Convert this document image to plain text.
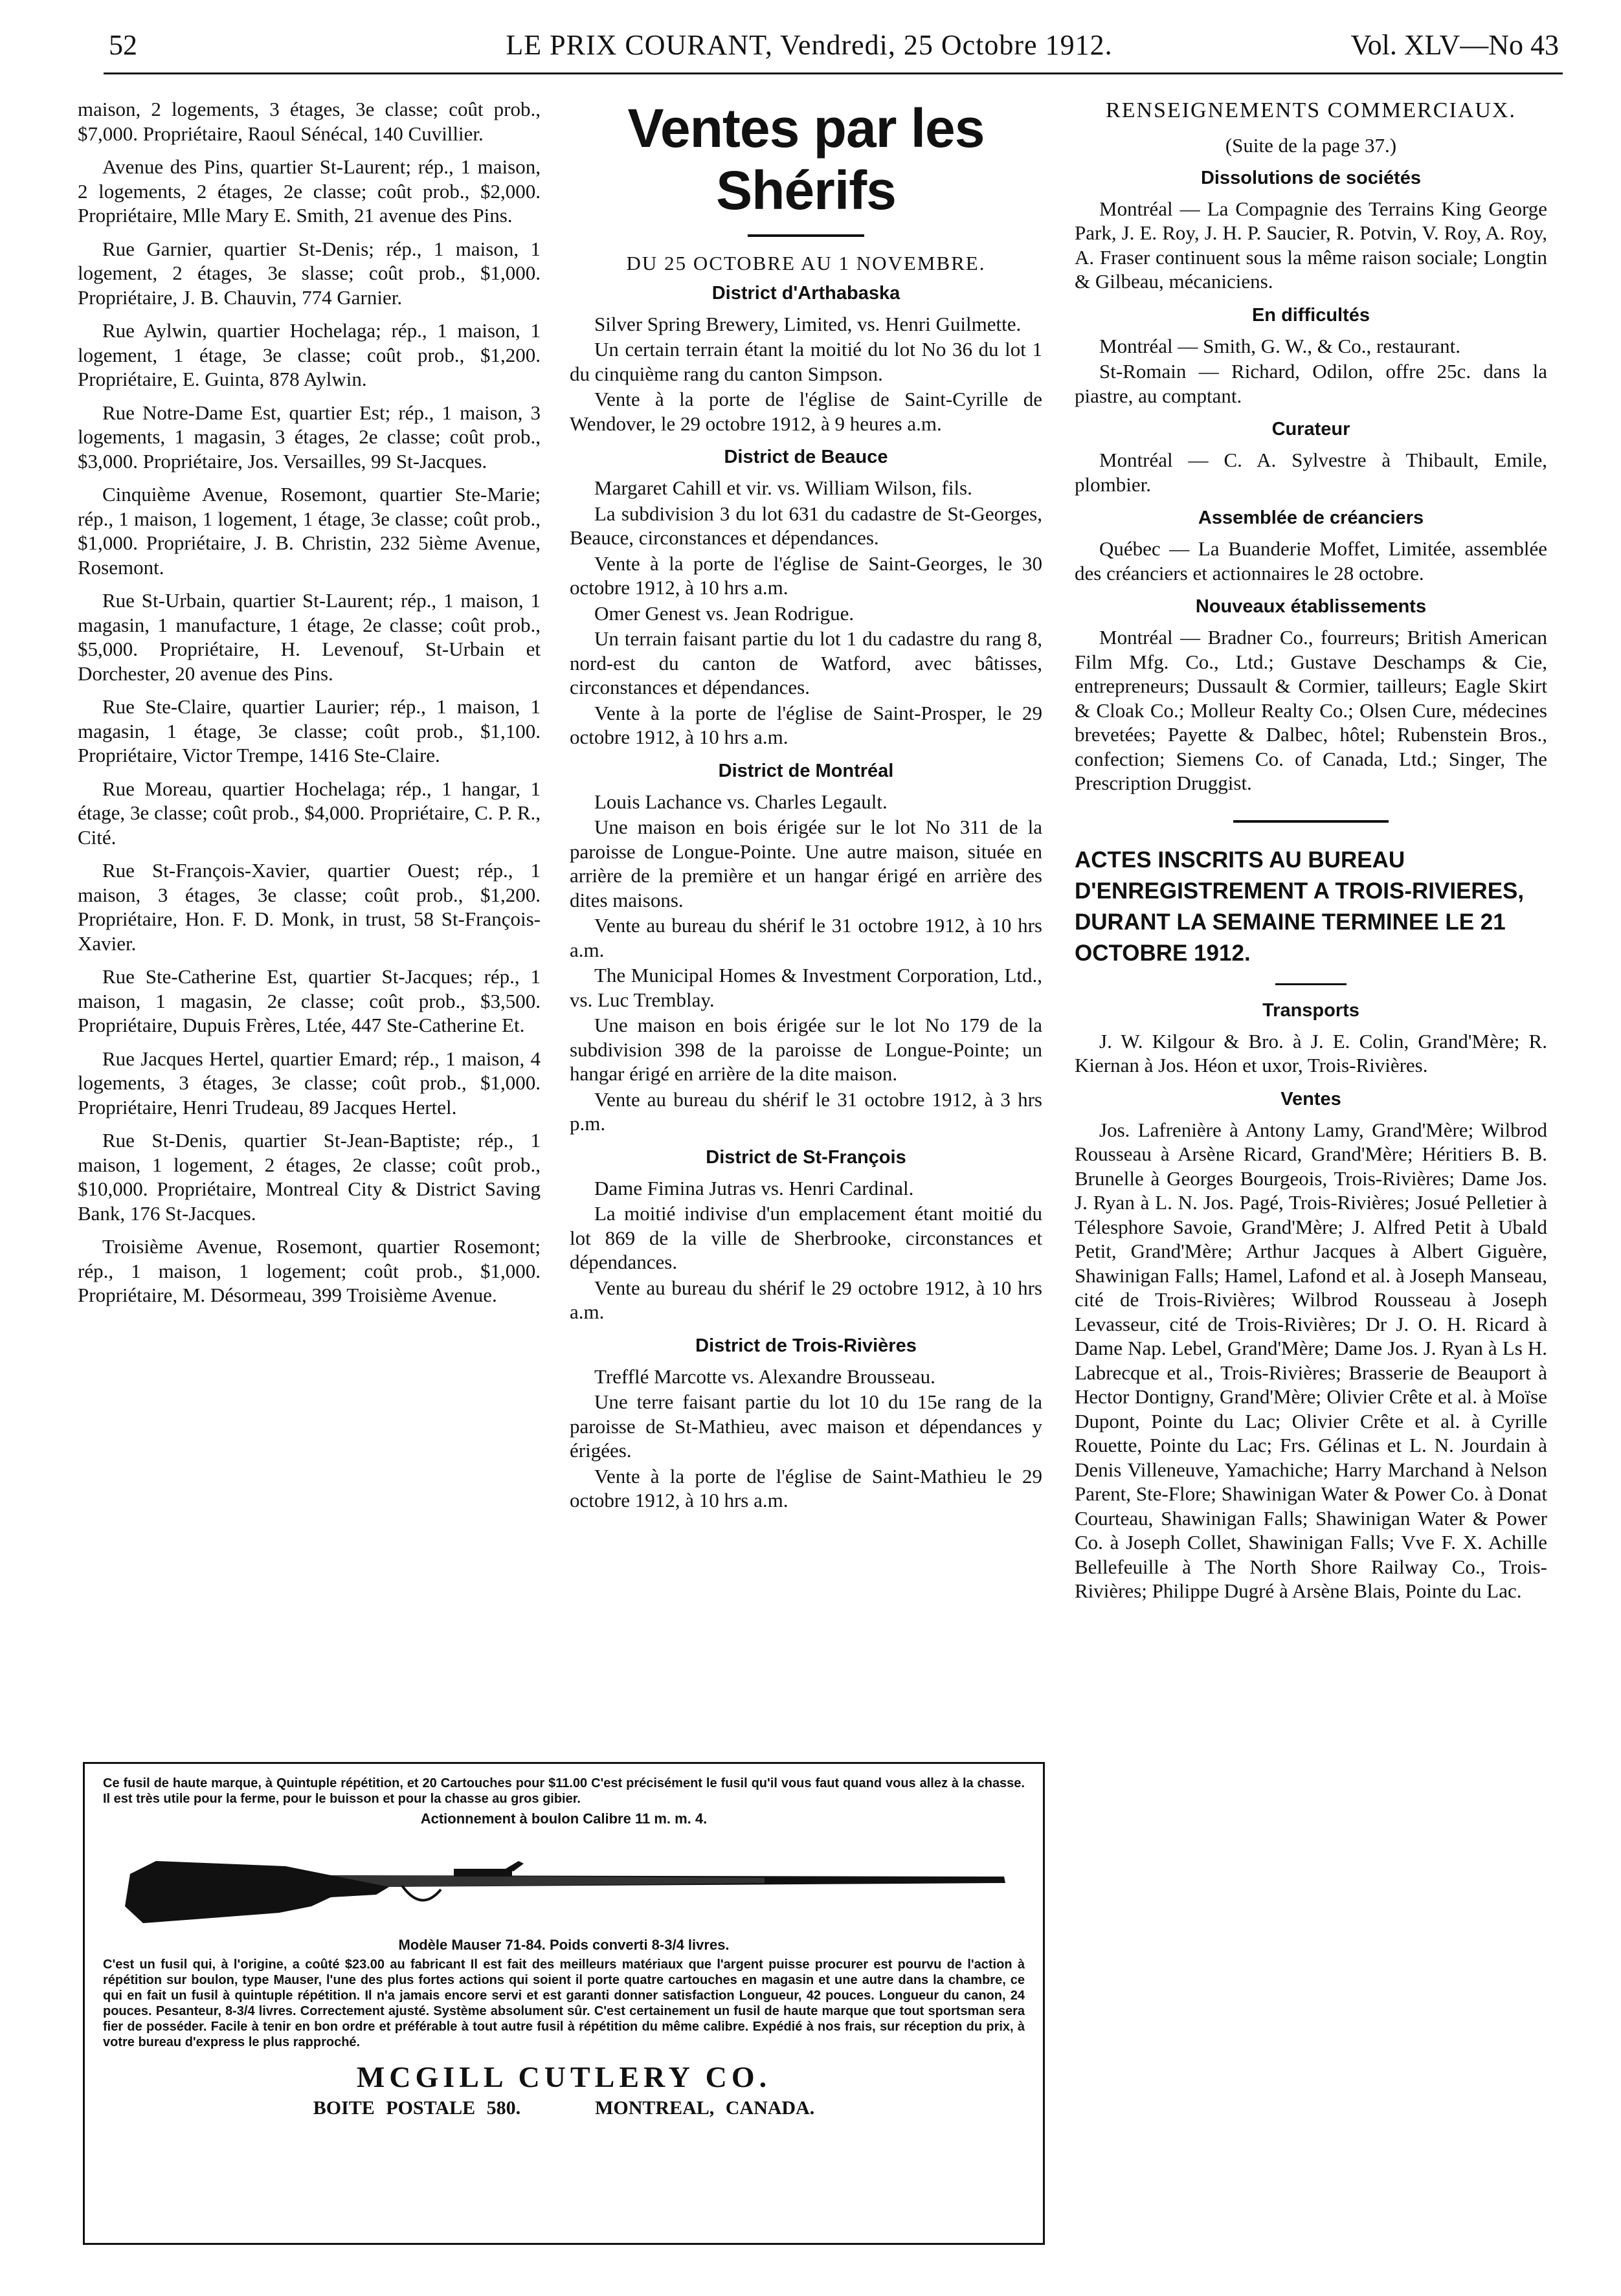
52	LE PRIX COURANT, Vendredi, 25 Octobre 1912.	Vol. XLV—No 43

maison, 2 logements, 3 étages, 3e classe; coût prob., $7,000. Propriétaire, Raoul Sénécal, 140 Cuvillier.

Avenue des Pins, quartier St-Laurent; rép., 1 maison, 2 logements, 2 étages, 2e classe; coût prob., $2,000. Propriétaire, Mlle Mary E. Smith, 21 avenue des Pins.

Rue Garnier, quartier St-Denis; rép., 1 maison, 1 logement, 2 étages, 3e slasse; coût prob., $1,000. Propriétaire, J. B. Chauvin, 774 Garnier.

Rue Aylwin, quartier Hochelaga; rép., 1 maison, 1 logement, 1 étage, 3e classe; coût prob., $1,200. Propriétaire, E. Guinta, 878 Aylwin.

Rue Notre-Dame Est, quartier Est; rép., 1 maison, 3 logements, 1 magasin, 3 étages, 2e classe; coût prob., $3,000. Propriétaire, Jos. Versailles, 99 St-Jacques.

Cinquième Avenue, Rosemont, quartier Ste-Marie; rép., 1 maison, 1 logement, 1 étage, 3e classe; coût prob., $1,000. Propriétaire, J. B. Christin, 232 5ième Avenue, Rosemont.

Rue St-Urbain, quartier St-Laurent; rép., 1 maison, 1 magasin, 1 manufacture, 1 étage, 2e classe; coût prob., $5,000. Propriétaire, H. Levenouf, St-Urbain et Dorchester, 20 avenue des Pins.

Rue Ste-Claire, quartier Laurier; rép., 1 maison, 1 magasin, 1 étage, 3e classe; coût prob., $1,100. Propriétaire, Victor Trempe, 1416 Ste-Claire.

Rue Moreau, quartier Hochelaga; rép., 1 hangar, 1 étage, 3e classe; coût prob., $4,000. Propriétaire, C. P. R., Cité.

Rue St-François-Xavier, quartier Ouest; rép., 1 maison, 3 étages, 3e classe; coût prob., $1,200. Propriétaire, Hon. F. D. Monk, in trust, 58 St-François-Xavier.

Rue Ste-Catherine Est, quartier St-Jacques; rép., 1 maison, 1 magasin, 2e classe; coût prob., $3,500. Propriétaire, Dupuis Frères, Ltée, 447 Ste-Catherine Et.

Rue Jacques Hertel, quartier Emard; rép., 1 maison, 4 logements, 3 étages, 3e classe; coût prob., $1,000. Propriétaire, Henri Trudeau, 89 Jacques Hertel.

Rue St-Denis, quartier St-Jean-Baptiste; rép., 1 maison, 1 logement, 2 étages, 2e classe; coût prob., $10,000. Propriétaire, Montreal City & District Saving Bank, 176 St-Jacques.

Troisième Avenue, Rosemont, quartier Rosemont; rép., 1 maison, 1 logement; coût prob., $1,000. Propriétaire, M. Désormeau, 399 Troisième Avenue.

Ventes par les Shérifs
DU 25 OCTOBRE AU 1 NOVEMBRE.
District d'Arthabaska

Silver Spring Brewery, Limited, vs. Henri Guilmette.

Un certain terrain étant la moitié du lot No 36 du lot 1 du cinquième rang du canton Simpson.

Vente à la porte de l'église de Saint-Cyrille de Wendover, le 29 octobre 1912, à 9 heures a.m.

District de Beauce

Margaret Cahill et vir. vs. William Wilson, fils.

La subdivision 3 du lot 631 du cadastre de St-Georges, Beauce, circonstances et dépendances.

Vente à la porte de l'église de Saint-Georges, le 30 octobre 1912, à 10 hrs a.m.

Omer Genest vs. Jean Rodrigue.

Un terrain faisant partie du lot 1 du cadastre du rang 8, nord-est du canton de Watford, avec bâtisses, circonstances et dépendances.

Vente à la porte de l'église de Saint-Prosper, le 29 octobre 1912, à 10 hrs a.m.

District de Montréal

Louis Lachance vs. Charles Legault.

Une maison en bois érigée sur le lot No 311 de la paroisse de Longue-Pointe. Une autre maison, située en arrière de la première et un hangar érigé en arrière des dites maisons.

Vente au bureau du shérif le 31 octobre 1912, à 10 hrs a.m.

The Municipal Homes & Investment Corporation, Ltd., vs. Luc Tremblay.

Une maison en bois érigée sur le lot No 179 de la subdivision 398 de la paroisse de Longue-Pointe; un hangar érigé en arrière de la dite maison.

Vente au bureau du shérif le 31 octobre 1912, à 3 hrs p.m.

District de St-François

Dame Fimina Jutras vs. Henri Cardinal.

La moitié indivise d'un emplacement étant moitié du lot 869 de la ville de Sherbrooke, circonstances et dépendances.

Vente au bureau du shérif le 29 octobre 1912, à 10 hrs a.m.

District de Trois-Rivières

Trefflé Marcotte vs. Alexandre Brousseau.

Une terre faisant partie du lot 10 du 15e rang de la paroisse de St-Mathieu, avec maison et dépendances y érigées.

Vente à la porte de l'église de Saint-Mathieu le 29 octobre 1912, à 10 hrs a.m.

RENSEIGNEMENTS COMMERCIAUX.
(Suite de la page 37.)
Dissolutions de sociétés

Montréal — La Compagnie des Terrains King George Park, J. E. Roy, J. H. P. Saucier, R. Potvin, V. Roy, A. Roy, A. Fraser continuent sous la même raison sociale; Longtin & Gilbeau, mécaniciens.

En difficultés

Montréal — Smith, G. W., & Co., restaurant.

St-Romain — Richard, Odilon, offre 25c. dans la piastre, au comptant.

Curateur

Montréal — C. A. Sylvestre à Thibault, Emile, plombier.

Assemblée de créanciers

Québec — La Buanderie Moffet, Limitée, assemblée des créanciers et actionnaires le 28 octobre.

Nouveaux établissements

Montréal — Bradner Co., fourreurs; British American Film Mfg. Co., Ltd.; Gustave Deschamps & Cie, entrepreneurs; Dussault & Cormier, tailleurs; Eagle Skirt & Cloak Co.; Molleur Realty Co.; Olsen Cure, médecines brevetées; Payette & Dalbec, hôtel; Rubenstein Bros., confection; Siemens Co. of Canada, Ltd.; Singer, The Prescription Druggist.

ACTES INSCRITS AU BUREAU D'ENREGISTREMENT A TROIS-RIVIERES, DURANT LA SEMAINE TERMINEE LE 21 OCTOBRE 1912.

Transports

J. W. Kilgour & Bro. à J. E. Colin, Grand'Mère; R. Kiernan à Jos. Héon et uxor, Trois-Rivières.

Ventes

Jos. Lafrenière à Antony Lamy, Grand'Mère; Wilbrod Rousseau à Arsène Ricard, Grand'Mère; Héritiers B. B. Brunelle à Georges Bourgeois, Trois-Rivières; Dame Jos. J. Ryan à L. N. Jos. Pagé, Trois-Rivières; Josué Pelletier à Télesphore Savoie, Grand'Mère; J. Alfred Petit à Ubald Petit, Grand'Mère; Arthur Jacques à Albert Giguère, Shawinigan Falls; Hamel, Lafond et al. à Joseph Manseau, cité de Trois-Rivières; Wilbrod Rousseau à Joseph Levasseur, cité de Trois-Rivières; Dr J. O. H. Ricard à Dame Nap. Lebel, Grand'Mère; Dame Jos. J. Ryan à Ls H. Labrecque et al., Trois-Rivières; Brasserie de Beauport à Hector Dontigny, Grand'Mère; Olivier Crête et al. à Moïse Dupont, Pointe du Lac; Olivier Crête et al. à Cyrille Rouette, Pointe du Lac; Frs. Gélinas et L. N. Jourdain à Denis Villeneuve, Yamachiche; Harry Marchand à Nelson Parent, Ste-Flore; Shawinigan Water & Power Co. à Donat Courteau, Shawinigan Falls; Shawinigan Water & Power Co. à Joseph Collet, Shawinigan Falls; Vve F. X. Achille Bellefeuille à The North Shore Railway Co., Trois-Rivières; Philippe Dugré à Arsène Blais, Pointe du Lac.

Ce fusil de haute marque, à Quintuple répétition, et 20 Cartouches pour $11.00 C'est précisément le fusil qu'il vous faut quand vous allez à la chasse. Il est très utile pour la ferme, pour le buisson et pour la chasse au gros gibier.

Actionnement à boulon Calibre 11 m. m. 4.

Modèle Mauser 71-84. Poids converti 8-3/4 livres.

C'est un fusil qui, à l'origine, a coûté $23.00 au fabricant Il est fait des meilleurs matériaux que l'argent puisse procurer est pourvu de l'action à répétition sur boulon, type Mauser, l'une des plus fortes actions qui soient il porte quatre cartouches en magasin et une autre dans la chambre, ce qui en fait un fusil à quintuple répétition. Il n'a jamais encore servi et est garanti donner satisfaction Longueur, 42 pouces. Longueur du canon, 24 pouces. Pesanteur, 8-3/4 livres. Correctement ajusté. Système absolument sûr. C'est certainement un fusil de haute marque que tout sportsman sera fier de posséder. Facile à tenir en bon ordre et préférable à tout autre fusil à répétition du même calibre. Expédié à nos frais, sur réception du prix, à votre bureau d'express le plus rapproché.

MCGILL CUTLERY CO.
BOITE POSTALE 580.	MONTREAL, CANADA.
